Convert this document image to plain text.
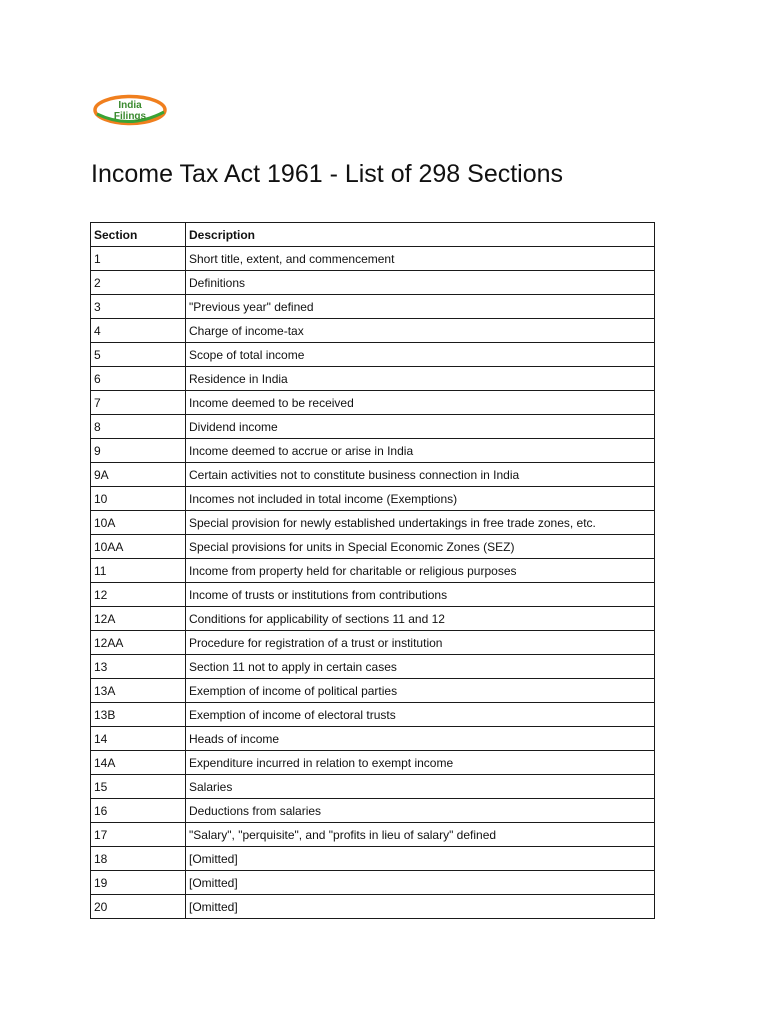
India
Filings
Income Tax Act 1961 - List of 298 Sections
Section	Description
1	Short title, extent, and commencement
2	Definitions
3	"Previous year" defined
4	Charge of income-tax
5	Scope of total income
6	Residence in India
7	Income deemed to be received
8	Dividend income
9	Income deemed to accrue or arise in India
9A	Certain activities not to constitute business connection in India
10	Incomes not included in total income (Exemptions)
10A	Special provision for newly established undertakings in free trade zones, etc.
10AA	Special provisions for units in Special Economic Zones (SEZ)
11	Income from property held for charitable or religious purposes
12	Income of trusts or institutions from contributions
12A	Conditions for applicability of sections 11 and 12
12AA	Procedure for registration of a trust or institution
13	Section 11 not to apply in certain cases
13A	Exemption of income of political parties
13B	Exemption of income of electoral trusts
14	Heads of income
14A	Expenditure incurred in relation to exempt income
15	Salaries
16	Deductions from salaries
17	"Salary", "perquisite", and "profits in lieu of salary" defined
18	[Omitted]
19	[Omitted]
20	[Omitted]
